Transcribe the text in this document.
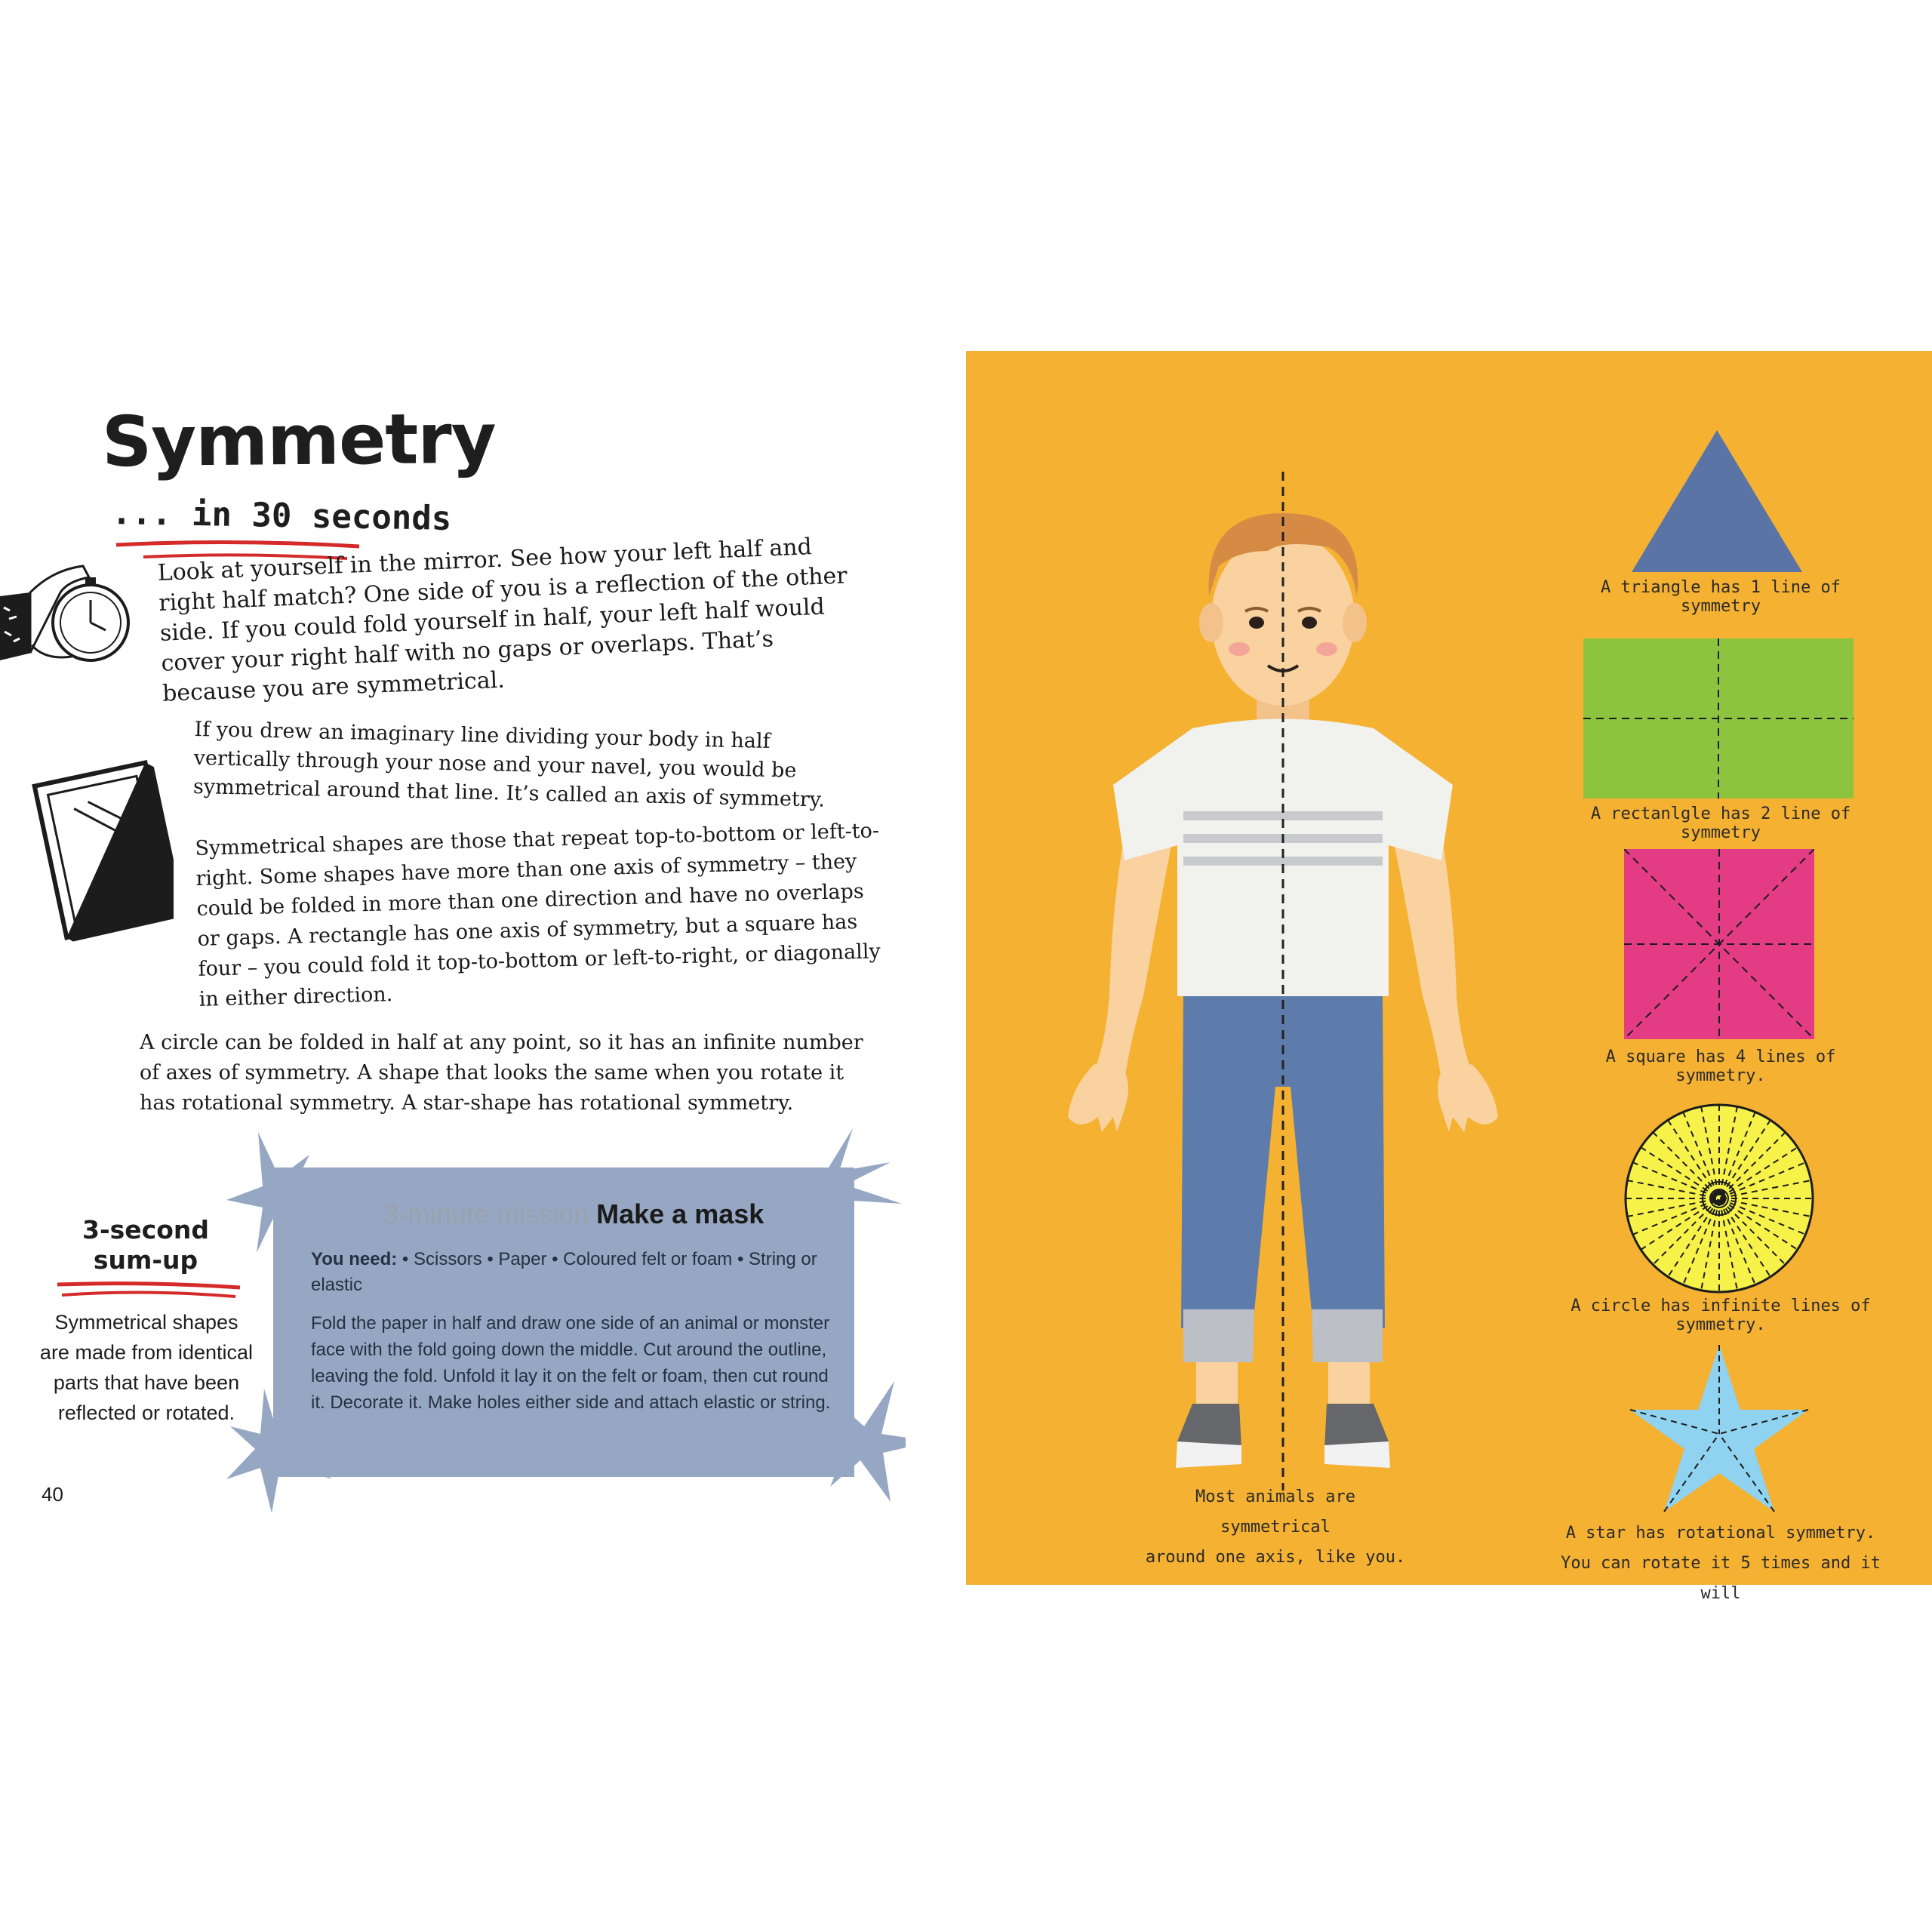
Symmetry
... in 30 seconds

Look at yourself in the mirror. See how your left half and right half match? One side of you is a reflection of the other side. If you could fold yourself in half, your left half would cover your right half with no gaps or overlaps. That’s because you are symmetrical.

If you drew an imaginary line dividing your body in half vertically through your nose and your navel, you would be symmetrical around that line. It’s called an axis of symmetry.

Symmetrical shapes are those that repeat top-to-bottom or left-to-right. Some shapes have more than one axis of symmetry – they could be folded in more than one direction and have no overlaps or gaps. A rectangle has one axis of symmetry, but a square has four – you could fold it top-to-bottom or left-to-right, or diagonally in either direction.

A circle can be folded in half at any point, so it has an infinite number of axes of symmetry. A shape that looks the same when you rotate it has rotational symmetry. A star-shape has rotational symmetry.

3-second
sum-up
Symmetrical shapes are made from identical parts that have been reflected or rotated.
3-minute mission Make a mask
You need: • Scissors • Paper • Coloured felt or foam • String or elastic
Fold the paper in half and draw one side of an animal or monster face with the fold going down the middle. Cut around the outline, leaving the fold. Unfold it lay it on the felt or foam, then cut round it. Decorate it. Make holes either side and attach elastic or string.
40	Most animals are symmetrical
around one axis, like you.
A triangle has 1 line of symmetry
A rectanlgle has 2 line of symmetry
A square has 4 lines of symmetry.
A circle has infinite lines of symmetry.
A star has rotational symmetry.
You can rotate it 5 times and it will
